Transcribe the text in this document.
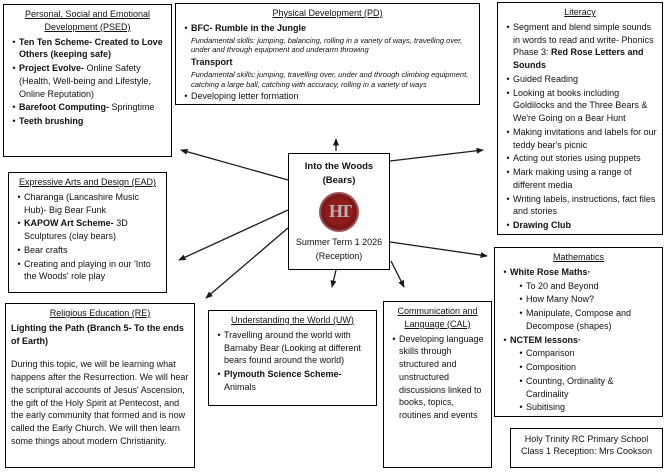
Personal, Social and Emotional Development (PSED)
• Ten Ten Scheme- Created to Love Others (keeping safe)
• Project Evolve- Online Safety (Health, Well-being and Lifestyle, Online Reputation)
• Barefoot Computing- Springtime
• Teeth brushing
Physical Development (PD)
• BFC- Rumble in the Jungle
Fundamental skills: jumping, balancing, rolling in a variety of ways, travelling over, under and through equipment and underarm throwing
Transport
Fundamental skills: jumping, travelling over, under and through climbing equipment, catching a large ball, catching with accuracy, rolling in a variety of ways
• Developing letter formation
Literacy
• Segment and blend simple sounds in words to read and write- Phonics Phase 3: Red Rose Letters and Sounds
• Guided Reading
• Looking at books including Goldilocks and the Three Bears & We're Going on a Bear Hunt
• Making invitations and labels for our teddy bear's picnic
• Acting out stories using puppets
• Mark making using a range of different media
• Writing labels, instructions, fact files and stories
• Drawing Club
Expressive Arts and Design (EAD)
• Charanga (Lancashire Music Hub)- Big Bear Funk
• KAPOW Art Scheme- 3D Sculptures (clay bears)
• Bear crafts
• Creating and playing in our 'Into the Woods' role play
Religious Education (RE)
Lighting the Path (Branch 5- To the ends of Earth)
During this topic, we will be learning what happens after the Resurrection. We will hear the scriptural accounts of Jesus' Ascension, the gift of the Holy Spirit at Pentecost, and the early community that formed and is now called the Early Church. We will then learn some things about modern Christianity.
Understanding the World (UW)
• Travelling around the world with Barnaby Bear (Looking at different bears found around the world)
• Plymouth Science Scheme- Animals
Communication and Language (CAL)
• Developing language skills through structured and unstructured discussions linked to books, topics, routines and events
Mathematics
• White Rose Maths·
• To 20 and Beyond
• How Many Now?
• Manipulate, Compose and Decompose (shapes)
• NCTEM lessons·
• Comparison
• Composition
• Counting, Ordinality & Cardinality
• Subitising
Into the Woods
(Bears)
HT
Summer Term 1 2026
(Reception)
Holy Trinity RC Primary School
Class 1 Reception: Mrs Cookson
